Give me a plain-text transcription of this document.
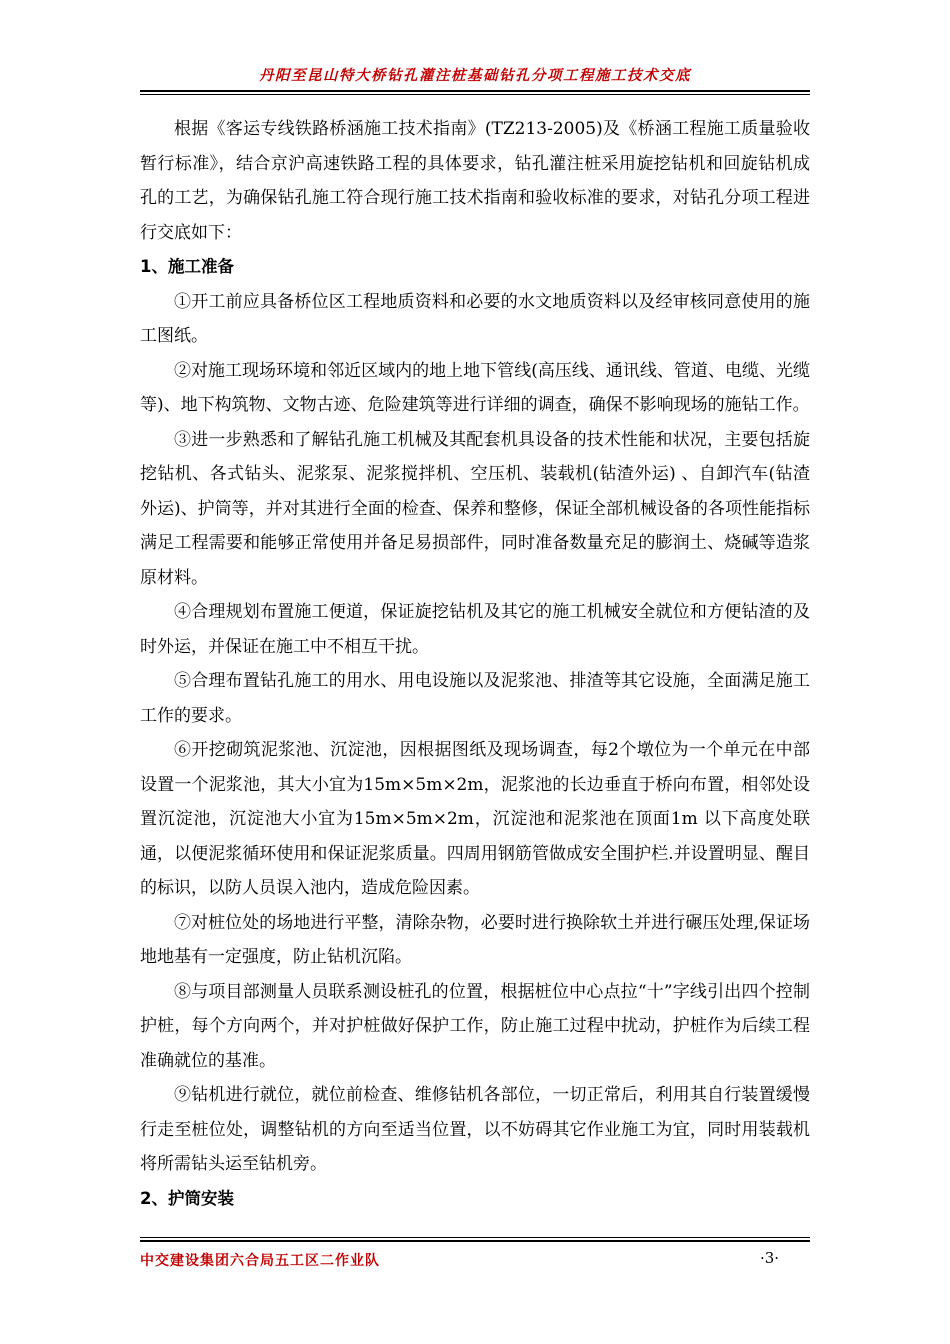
丹阳至昆山特大桥钻孔灌注桩基础钻孔分项工程施工技术交底

根据《客运专线铁路桥涵施工技术指南》(TZ213-2005)及《桥涵工程施工质量验收暂行标准》，结合京沪高速铁路工程的具体要求，钻孔灌注桩采用旋挖钻机和回旋钻机成孔的工艺，为确保钻孔施工符合现行施工技术指南和验收标准的要求，对钻孔分项工程进行交底如下：

1、施工准备

①开工前应具备桥位区工程地质资料和必要的水文地质资料以及经审核同意使用的施工图纸。

②对施工现场环境和邻近区域内的地上地下管线(高压线、通讯线、管道、电缆、光缆等)、地下构筑物、文物古迹、危险建筑等进行详细的调查，确保不影响现场的施钻工作。

③进一步熟悉和了解钻孔施工机械及其配套机具设备的技术性能和状况，主要包括旋挖钻机、各式钻头、泥浆泵、泥浆搅拌机、空压机、装载机(钻渣外运) 、自卸汽车(钻渣外运)、护筒等，并对其进行全面的检查、保养和整修，保证全部机械设备的各项性能指标满足工程需要和能够正常使用并备足易损部件，同时准备数量充足的膨润土、烧碱等造浆原材料。

④合理规划布置施工便道，保证旋挖钻机及其它的施工机械安全就位和方便钻渣的及时外运，并保证在施工中不相互干扰。

⑤合理布置钻孔施工的用水、用电设施以及泥浆池、排渣等其它设施，全面满足施工工作的要求。

⑥开挖砌筑泥浆池、沉淀池，因根据图纸及现场调查，每2个墩位为一个单元在中部设置一个泥浆池，其大小宜为15m×5m×2m，泥浆池的长边垂直于桥向布置，相邻处设置沉淀池，沉淀池大小宜为15m×5m×2m，沉淀池和泥浆池在顶面1m 以下高度处联通，以便泥浆循环使用和保证泥浆质量。四周用钢筋管做成安全围护栏.并设置明显、醒目的标识，以防人员误入池内，造成危险因素。

⑦对桩位处的场地进行平整，清除杂物，必要时进行换除软土并进行碾压处理,保证场地地基有一定强度，防止钻机沉陷。

⑧与项目部测量人员联系测设桩孔的位置，根据桩位中心点拉“十”字线引出四个控制护桩，每个方向两个，并对护桩做好保护工作，防止施工过程中扰动，护桩作为后续工程准确就位的基准。

⑨钻机进行就位，就位前检查、维修钻机各部位，一切正常后，利用其自行装置缓慢行走至桩位处，调整钻机的方向至适当位置，以不妨碍其它作业施工为宜，同时用装载机将所需钻头运至钻机旁。

2、护筒安装
中交建设集团六合局五工区二作业队	·3·
